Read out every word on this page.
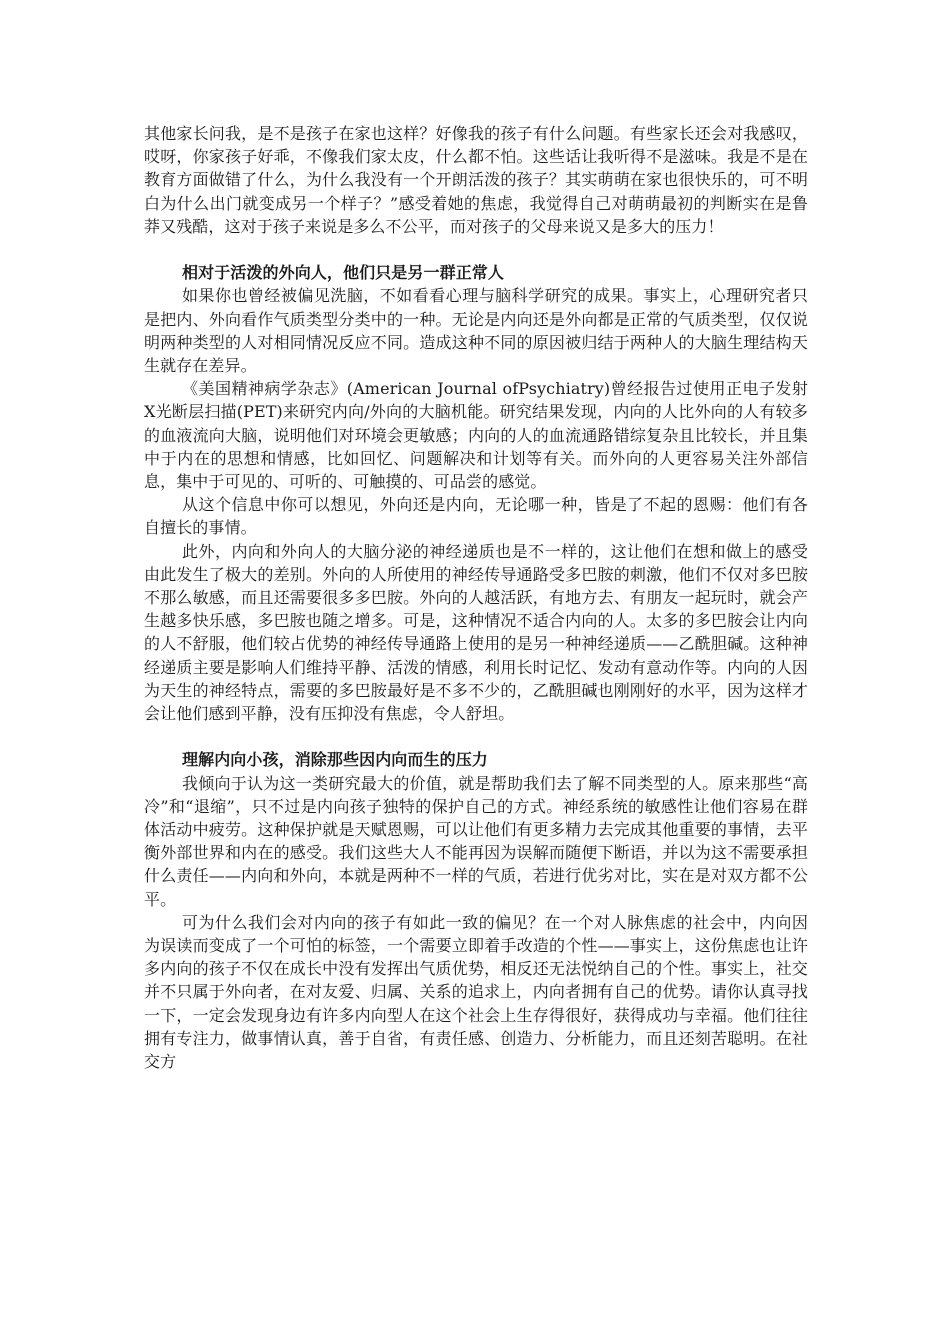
其他家长问我，是不是孩子在家也这样？好像我的孩子有什么问题。有些家长还会对我感叹，哎呀，你家孩子好乖，不像我们家太皮，什么都不怕。这些话让我听得不是滋味。我是不是在教育方面做错了什么，为什么我没有一个开朗活泼的孩子？其实萌萌在家也很快乐的，可不明白为什么出门就变成另一个样子？”感受着她的焦虑，我觉得自己对萌萌最初的判断实在是鲁莽又残酷，这对于孩子来说是多么不公平，而对孩子的父母来说又是多大的压力！

相对于活泼的外向人，他们只是另一群正常人

如果你也曾经被偏见洗脑，不如看看心理与脑科学研究的成果。事实上，心理研究者只是把内、外向看作气质类型分类中的一种。无论是内向还是外向都是正常的气质类型，仅仅说明两种类型的人对相同情况反应不同。造成这种不同的原因被归结于两种人的大脑生理结构天生就存在差异。

《美国精神病学杂志》(American Journal ofPsychiatry)曾经报告过使用正电子发射X光断层扫描(PET)来研究内向/外向的大脑机能。研究结果发现，内向的人比外向的人有较多的血液流向大脑，说明他们对环境会更敏感；内向的人的血流通路错综复杂且比较长，并且集中于内在的思想和情感，比如回忆、问题解决和计划等有关。而外向的人更容易关注外部信息，集中于可见的、可听的、可触摸的、可品尝的感觉。

从这个信息中你可以想见，外向还是内向，无论哪一种，皆是了不起的恩赐：他们有各自擅长的事情。

此外，内向和外向人的大脑分泌的神经递质也是不一样的，这让他们在想和做上的感受由此发生了极大的差别。外向的人所使用的神经传导通路受多巴胺的刺激，他们不仅对多巴胺不那么敏感，而且还需要很多多巴胺。外向的人越活跃，有地方去、有朋友一起玩时，就会产生越多快乐感，多巴胺也随之增多。可是，这种情况不适合内向的人。太多的多巴胺会让内向的人不舒服，他们较占优势的神经传导通路上使用的是另一种神经递质——乙酰胆碱。这种神经递质主要是影响人们维持平静、活泼的情感，利用长时记忆、发动有意动作等。内向的人因为天生的神经特点，需要的多巴胺最好是不多不少的，乙酰胆碱也刚刚好的水平，因为这样才会让他们感到平静，没有压抑没有焦虑，令人舒坦。

理解内向小孩，消除那些因内向而生的压力

我倾向于认为这一类研究最大的价值，就是帮助我们去了解不同类型的人。原来那些“高冷”和“退缩”，只不过是内向孩子独特的保护自己的方式。神经系统的敏感性让他们容易在群体活动中疲劳。这种保护就是天赋恩赐，可以让他们有更多精力去完成其他重要的事情，去平衡外部世界和内在的感受。我们这些大人不能再因为误解而随便下断语，并以为这不需要承担什么责任——内向和外向，本就是两种不一样的气质，若进行优劣对比，实在是对双方都不公平。

可为什么我们会对内向的孩子有如此一致的偏见？在一个对人脉焦虑的社会中，内向因为误读而变成了一个可怕的标签，一个需要立即着手改造的个性——事实上，这份焦虑也让许多内向的孩子不仅在成长中没有发挥出气质优势，相反还无法悦纳自己的个性。事实上，社交并不只属于外向者，在对友爱、归属、关系的追求上，内向者拥有自己的优势。请你认真寻找一下，一定会发现身边有许多内向型人在这个社会上生存得很好，获得成功与幸福。他们往往拥有专注力，做事情认真，善于自省，有责任感、创造力、分析能力，而且还刻苦聪明。在社交方
